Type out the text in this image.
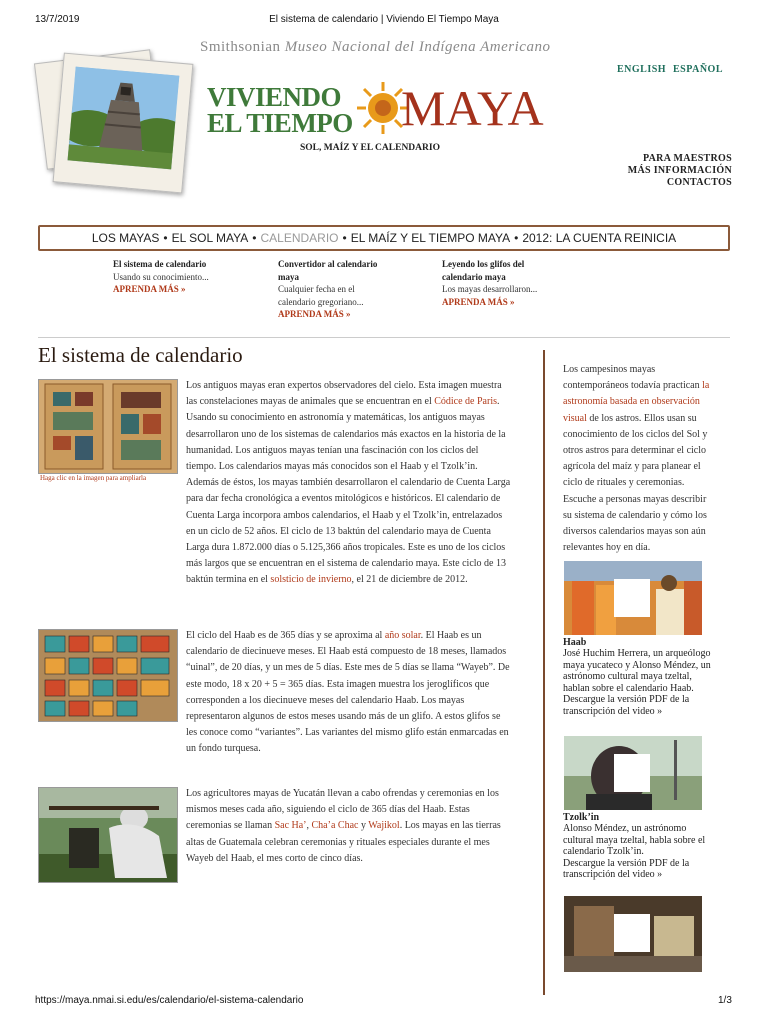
13/7/2019	El sistema de calendario | Viviendo El Tiempo Maya
https://maya.nmai.si.edu/es/calendario/el-sistema-calendario	1/3
Smithsonian Museo Nacional del Indígena Americano
VIVIENDO
EL TIEMPO MAYA
SOL, MAÍZ Y EL CALENDARIO
ENGLISH ESPAÑOL
PARA MAESTROS
MÁS INFORMACIÓN
CONTACTOS
LOS MAYAS • EL SOL MAYA • CALENDARIO • EL MAÍZ Y EL TIEMPO MAYA • 2012: LA CUENTA REINICIA
El sistema de calendario
Usando su conocimiento...
APRENDA MÁS »
Convertidor al calendario maya
Cualquier fecha en el calendario gregoriano...
APRENDA MÁS »
Leyendo los glifos del calendario maya
Los mayas desarrollaron...
APRENDA MÁS »
El sistema de calendario
Haga clic en la imagen para ampliarla
Los antiguos mayas eran expertos observadores del cielo. Esta imagen muestra las constelaciones mayas de animales que se encuentran en el Códice de Paris. Usando su conocimiento en astronomía y matemáticas, los antiguos mayas desarrollaron uno de los sistemas de calendarios más exactos en la historia de la humanidad. Los antiguos mayas tenían una fascinación con los ciclos del tiempo. Los calendarios mayas más conocidos son el Haab y el Tzolk’in. Además de éstos, los mayas también desarrollaron el calendario de Cuenta Larga para dar fecha cronológica a eventos mitológicos e históricos. El calendario de Cuenta Larga incorpora ambos calendarios, el Haab y el Tzolk’in, entrelazados en un ciclo de 52 años. El ciclo de 13 baktún del calendario maya de Cuenta Larga dura 1.872.000 días o 5.125,366 años tropicales. Este es uno de los ciclos más largos que se encuentran en el sistema de calendario maya. Este ciclo de 13 baktún termina en el solsticio de invierno, el 21 de diciembre de 2012.
El ciclo del Haab es de 365 días y se aproxima al año solar. El Haab es un calendario de diecinueve meses. El Haab está compuesto de 18 meses, llamados “uinal”, de 20 días, y un mes de 5 días. Este mes de 5 días se llama “Wayeb”. De este modo, 18 x 20 + 5 = 365 días. Esta imagen muestra los jeroglíficos que corresponden a los diecinueve meses del calendario Haab. Los mayas representaron algunos de estos meses usando más de un glifo. A estos glifos se les conoce como “variantes”. Las variantes del mismo glifo están enmarcadas en un fondo turquesa.
Los agricultores mayas de Yucatán llevan a cabo ofrendas y ceremonias en los mismos meses cada año, siguiendo el ciclo de 365 días del Haab. Estas ceremonias se llaman Sac Ha’, Cha’a Chac y Wajikol. Los mayas en las tierras altas de Guatemala celebran ceremonias y rituales especiales durante el mes Wayeb del Haab, el mes corto de cinco días.
Los campesinos mayas contemporáneos todavía practican la astronomía basada en observación visual de los astros. Ellos usan su conocimiento de los ciclos del Sol y otros astros para determinar el ciclo agrícola del maíz y para planear el ciclo de rituales y ceremonias. Escuche a personas mayas describir su sistema de calendario y cómo los diversos calendarios mayas son aún relevantes hoy en día.
Haab
José Huchim Herrera, un arqueólogo maya yucateco y Alonso Méndez, un astrónomo cultural maya tzeltal, hablan sobre el calendario Haab.
Descargue la versión PDF de la transcripción del video »
Tzolk’in
Alonso Méndez, un astrónomo cultural maya tzeltal, habla sobre el calendario Tzolk’in.
Descargue la versión PDF de la transcripción del video »
